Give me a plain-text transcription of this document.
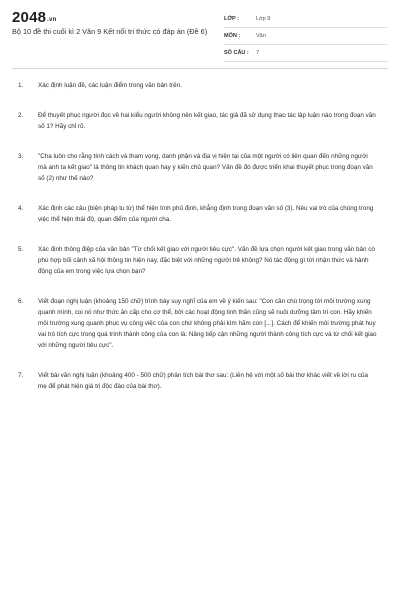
2048.vn
Bộ 10 đề thi cuối kì 2 Văn 9 Kết nối tri thức có đáp án (Đề 6)
LỚP :	Lớp 9
MÔN :	Văn
SỐ CÂU :	7
1.	Xác định luận đề, các luận điểm trong văn bản trên.
2.	Để thuyết phục người đọc về hai kiểu người không nên kết giao, tác giả đã sử dụng thao tác lập luận nào trong đoạn văn số 1? Hãy chỉ rõ.
3.	"Cha luôn cho rằng tính cách và tham vọng, danh phận và địa vị hiện tại của một người có liên quan đến những người mà anh ta kết giao" là thông tin khách quan hay ý kiến chủ quan? Vấn đề đó được triển khai thuyết phục trong đoạn văn số (2) như thế nào?
4.	Xác định các câu (biện pháp tu từ) thể hiện tính phủ định, khẳng định trong đoạn văn số (3). Nêu vai trò của chúng trong việc thể hiện thái độ, quan điểm của người cha.
5.	Xác định thông điệp của văn bản "Từ chối kết giao với người tiêu cực". Vấn đề lựa chọn người kết giao trong văn bản có phù hợp bối cảnh xã hội thông tin hiện nay, đặc biệt với những người trẻ không? Nó tác động gì tới nhận thức và hành động của em trong việc lựa chọn bạn?
6.	Viết đoạn nghị luận (khoảng 150 chữ) trình bày suy nghĩ của em về ý kiến sau: "Con cần chú trọng tới môi trường xung quanh mình, coi nó như thức ăn cấp cho cơ thể, bởi các hoạt động tinh thần cũng sẽ nuôi dưỡng tâm trí con. Hãy khiến môi trường xung quanh phục vụ công việc của con chứ không phải kìm hãm con [...]. Cách để khiến môi trường phát huy vai trò tích cực trong quá trình thành công của con là: Nâng tiếp cận những người thành công tích cực và từ chối kết giao với những người tiêu cực".
7.	Viết bài văn nghị luận (khoảng 400 - 500 chữ) phân tích bài thơ sau: (Liên hệ với một số bài thơ khác viết về lời ru của mẹ để phát hiện giá trị độc đáo của bài thơ).
